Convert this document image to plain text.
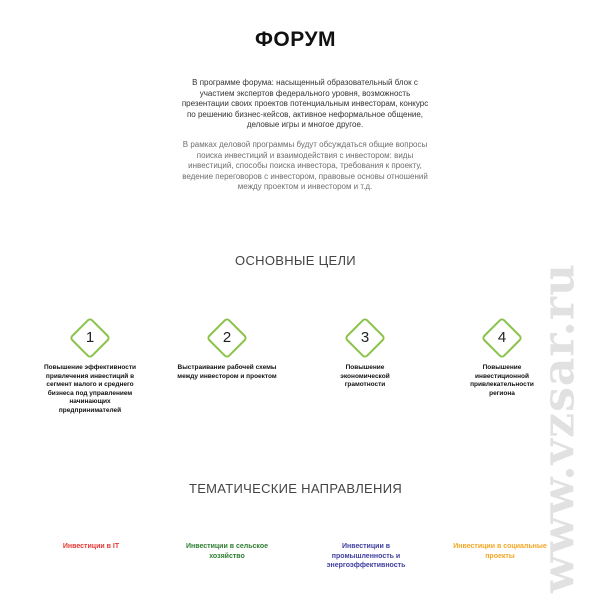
ФОРУМ
В программе форума: насыщенный образовательный блок с участием экспертов федерального уровня, возможность презентации своих проектов потенциальным инвесторам, конкурс по решению бизнес-кейсов, активное неформальное общение, деловые игры и многое другое.
В рамках деловой программы будут обсуждаться общие вопросы поиска инвестиций и взаимодействия с инвестором: виды инвестиций, способы поиска инвестора, требования к проекту, ведение переговоров с инвестором, правовые основы отношений между проектом и инвестором и т.д.
ОСНОВНЫЕ ЦЕЛИ
1
Повышение эффективности привлечения инвестиций в сегмент малого и среднего бизнеса под управлением начинающих предпринимателей
2
Выстраивание рабочей схемы между инвестором и проектом
3
Повышение экономической грамотности
4
Повышение инвестиционной привлекательности региона
ТЕМАТИЧЕСКИЕ НАПРАВЛЕНИЯ
Инвестиции в IT	Инвестиции в сельское хозяйство
Инвестиции в промышленность и энергоэффективность
Инвестиции в социальные проекты www.vzsar.ru
